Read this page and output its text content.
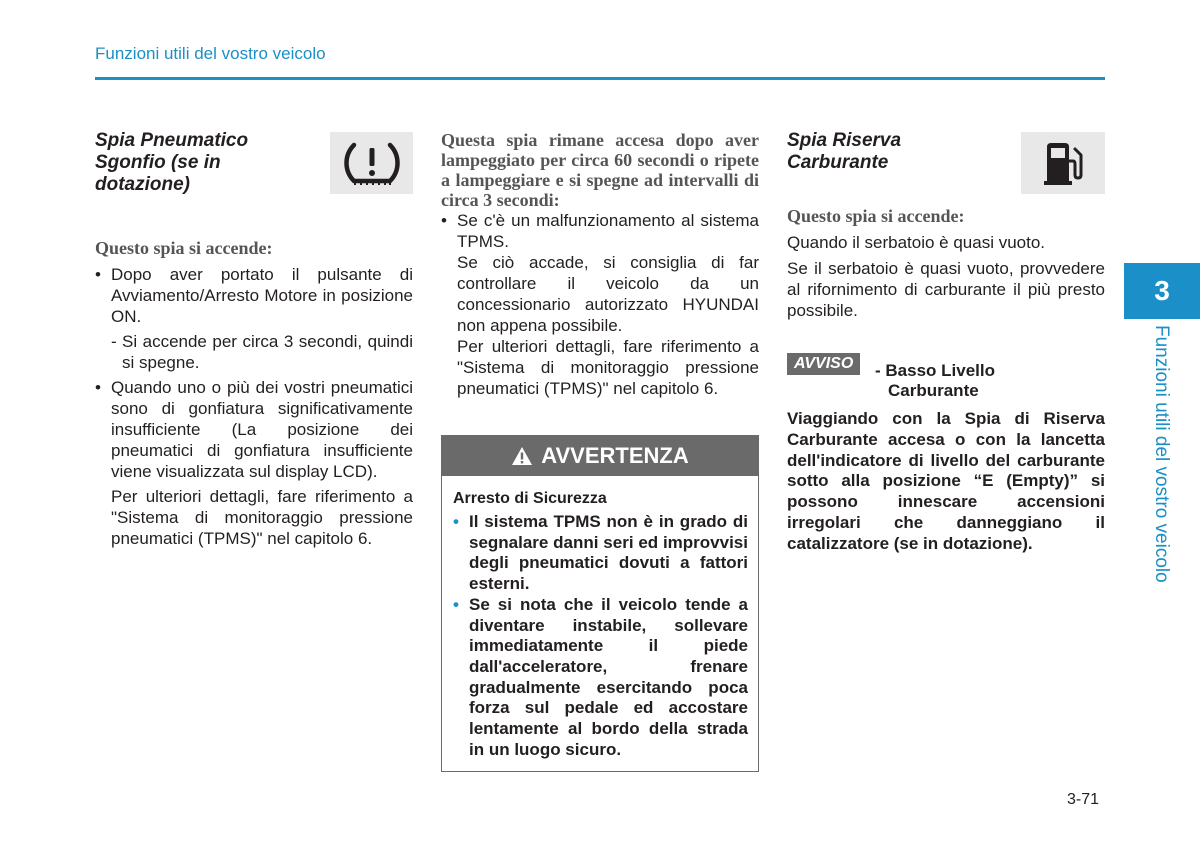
Funzioni utili del vostro veicolo
Spia Pneumatico
Sgonfio (se in
dotazione)
Questo spia si accende:
• Dopo aver portato il pulsante di Avviamento/Arresto Motore in posizione ON.
- Si accende per circa 3 secondi, quindi si spegne.
• Quando uno o più dei vostri pneumatici sono di gonfiatura significativamente insufficiente (La posizione dei pneumatici di gonfiatura insufficiente viene visualizzata sul display LCD).
Per ulteriori dettagli, fare riferimento a "Sistema di monitoraggio pressione pneumatici (TPMS)" nel capitolo 6.
Questa spia rimane accesa dopo aver lampeggiato per circa 60 secondi o ripete a lampeggiare e si spegne ad intervalli di circa 3 secondi:
• Se c'è un malfunzionamento al sistema TPMS.
Se ciò accade, si consiglia di far controllare il veicolo da un concessionario autorizzato HYUNDAI non appena possibile.
Per ulteriori dettagli, fare riferimento a "Sistema di monitoraggio pressione pneumatici (TPMS)" nel capitolo 6.
AVVERTENZA
Arresto di Sicurezza
• Il sistema TPMS non è in grado di segnalare danni seri ed improvvisi degli pneumatici dovuti a fattori esterni.
• Se si nota che il veicolo tende a diventare instabile, sollevare immediatamente il piede dall'acceleratore, frenare gradualmente esercitando poca forza sul pedale ed accostare lentamente al bordo della strada in un luogo sicuro.
Spia Riserva
Carburante
Questo spia si accende:
Quando il serbatoio è quasi vuoto.
Se il serbatoio è quasi vuoto, provvedere al rifornimento di carburante il più presto possibile.
AVVISO	- Basso Livello
Carburante
Viaggiando con la Spia di Riserva Carburante accesa o con la lancetta dell'indicatore di livello del carburante sotto alla posizione “E (Empty)” si possono innescare accensioni irregolari che danneggiano il catalizzatore (se in dotazione).
3
Funzioni utili del vostro veicolo
3-71
